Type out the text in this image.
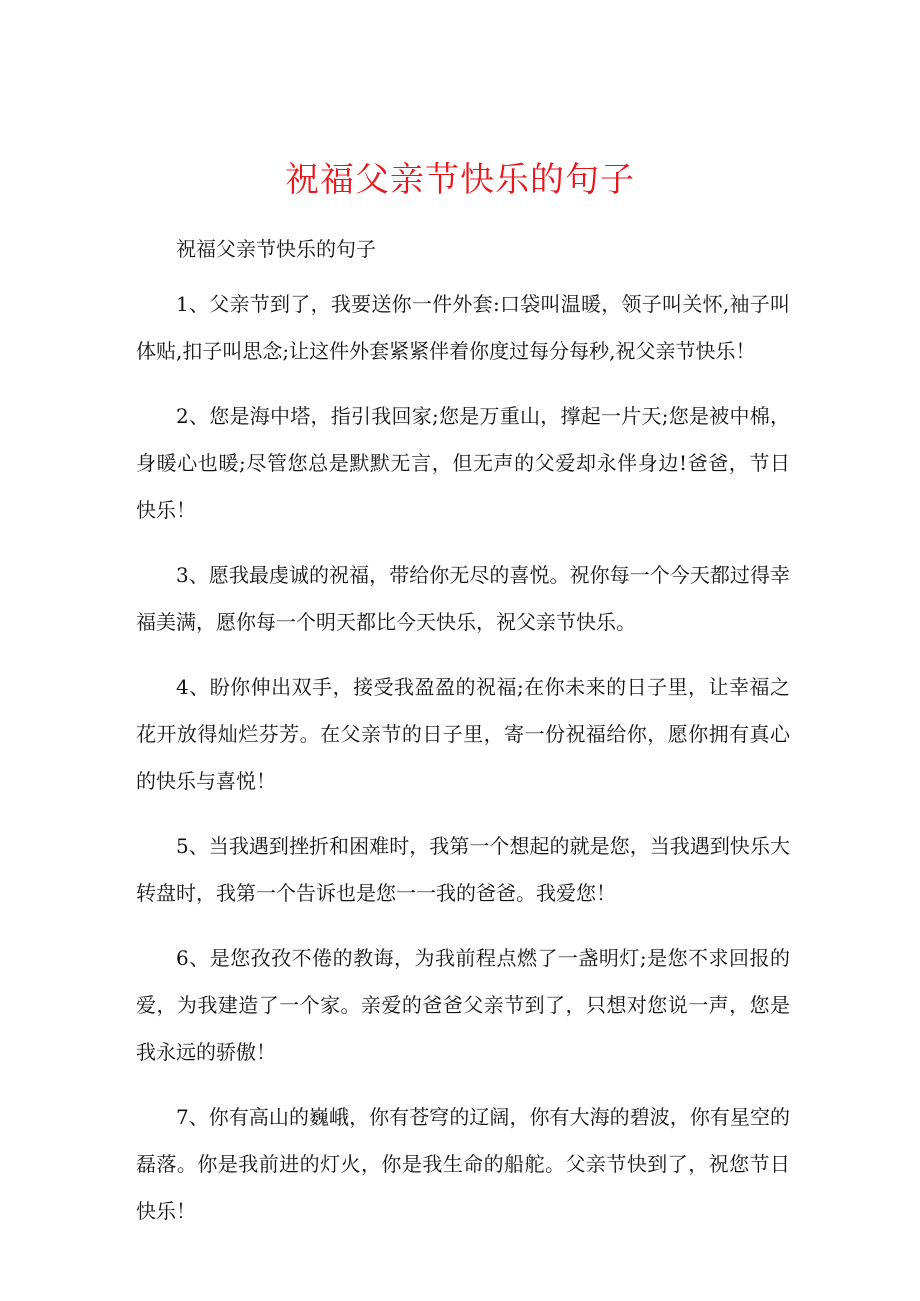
祝福父亲节快乐的句子

祝福父亲节快乐的句子

1、父亲节到了，我要送你一件外套:口袋叫温暖，领子叫关怀,袖子叫体贴,扣子叫思念;让这件外套紧紧伴着你度过每分每秒,祝父亲节快乐！

2、您是海中塔，指引我回家;您是万重山，撑起一片天;您是被中棉，身暖心也暖;尽管您总是默默无言，但无声的父爱却永伴身边!爸爸，节日快乐！

3、愿我最虔诚的祝福，带给你无尽的喜悦。祝你每一个今天都过得幸福美满，愿你每一个明天都比今天快乐，祝父亲节快乐。

4、盼你伸出双手，接受我盈盈的祝福;在你未来的日子里，让幸福之花开放得灿烂芬芳。在父亲节的日子里，寄一份祝福给你，愿你拥有真心的快乐与喜悦！

5、当我遇到挫折和困难时，我第一个想起的就是您，当我遇到快乐大转盘时，我第一个告诉也是您一一我的爸爸。我爱您！

6、是您孜孜不倦的教诲，为我前程点燃了一盏明灯;是您不求回报的爱，为我建造了一个家。亲爱的爸爸父亲节到了，只想对您说一声，您是我永远的骄傲！

7、你有高山的巍峨，你有苍穹的辽阔，你有大海的碧波，你有星空的磊落。你是我前进的灯火，你是我生命的船舵。父亲节快到了，祝您节日快乐！
